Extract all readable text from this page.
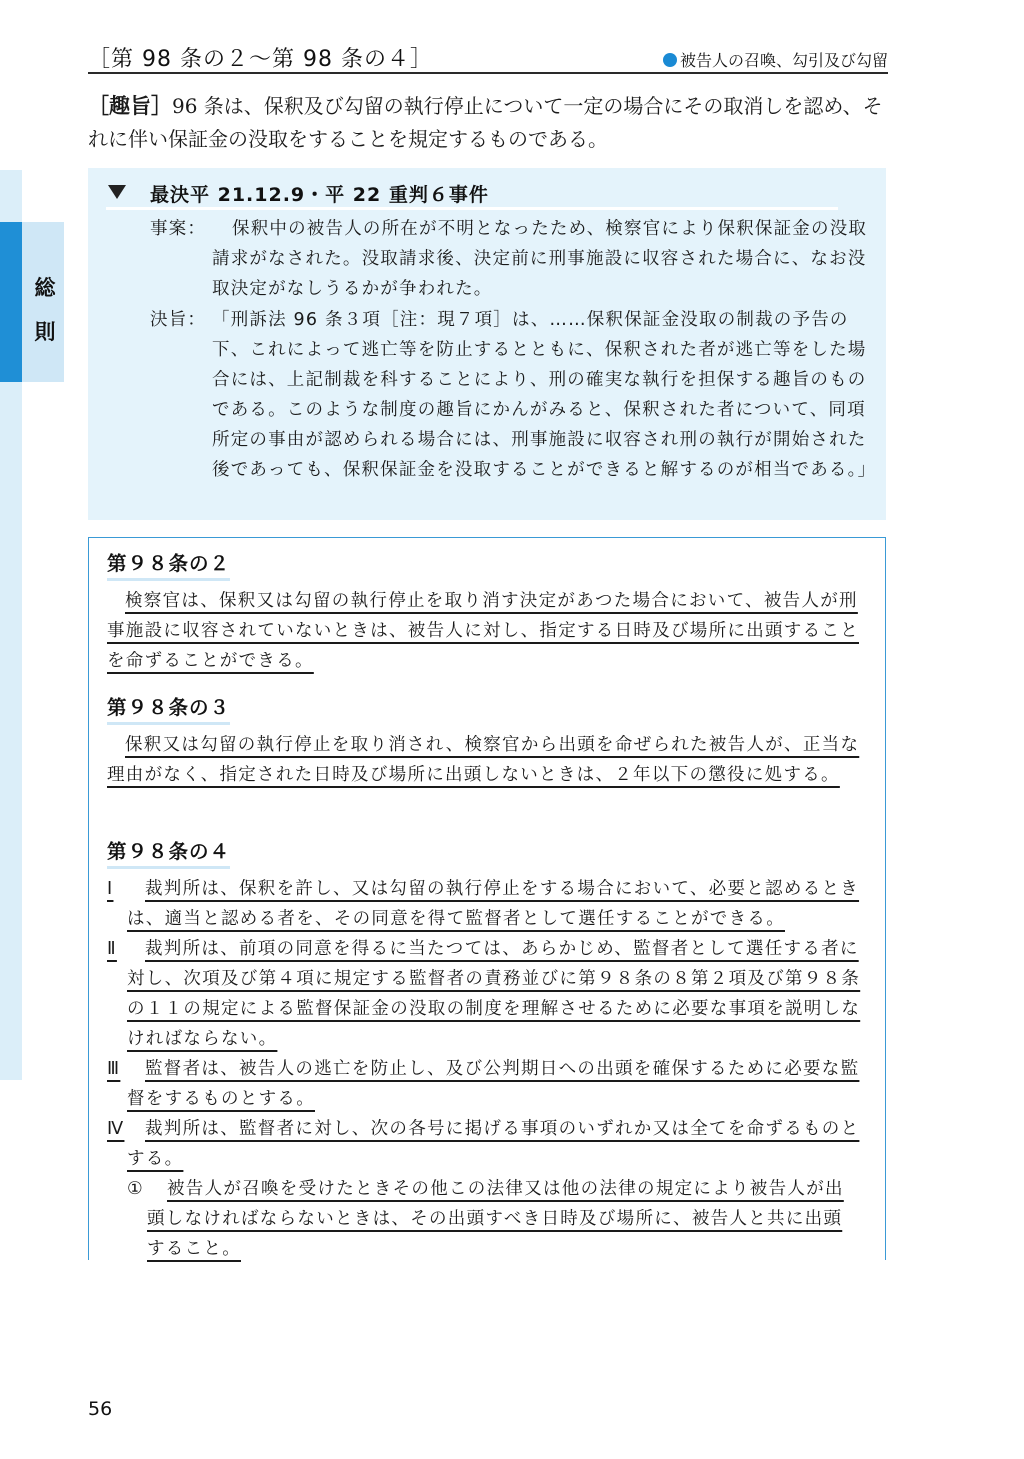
総
則
［第 98 条の２～第 98 条の４］	被告人の召喚、勾引及び勾留
［趣旨］96 条は、保釈及び勾留の執行停止について一定の場合にその取消しを認め、それに伴い保証金の没取をすることを規定するものである。
最決平 21.12.9・平 22 重判６事件
事案：	保釈中の被告人の所在が不明となったため、検察官により保釈保証金の没取請求がなされた。没取請求後、決定前に刑事施設に収容された場合に、なお没取決定がなしうるかが争われた。
決旨： 「刑訴法 96 条３項［注：現７項］は、……保釈保証金没取の制裁の予告の下、これによって逃亡等を防止するとともに、保釈された者が逃亡等をした場合には、上記制裁を科することにより、刑の確実な執行を担保する趣旨のものである。このような制度の趣旨にかんがみると、保釈された者について、同項所定の事由が認められる場合には、刑事施設に収容され刑の執行が開始された後であっても、保釈保証金を没取することができると解するのが相当である。」
第９８条の２
検察官は、保釈又は勾留の執行停止を取り消す決定があつた場合において、被告人が刑事施設に収容されていないときは、被告人に対し、指定する日時及び場所に出頭することを命ずることができる。
第９８条の３
保釈又は勾留の執行停止を取り消され、検察官から出頭を命ぜられた被告人が、正当な理由がなく、指定された日時及び場所に出頭しないときは、２年以下の懲役に処する。
第９８条の４
Ⅰ	裁判所は、保釈を許し、又は勾留の執行停止をする場合において、必要と認めるときは、適当と認める者を、その同意を得て監督者として選任することができる。
Ⅱ	裁判所は、前項の同意を得るに当たつては、あらかじめ、監督者として選任する者に対し、次項及び第４項に規定する監督者の責務並びに第９８条の８第２項及び第９８条の１１の規定による監督保証金の没取の制度を理解させるために必要な事項を説明しなければならない。
Ⅲ	監督者は、被告人の逃亡を防止し、及び公判期日への出頭を確保するために必要な監督をするものとする。
Ⅳ	裁判所は、監督者に対し、次の各号に掲げる事項のいずれか又は全てを命ずるものとする。
①	被告人が召喚を受けたときその他この法律又は他の法律の規定により被告人が出頭しなければならないときは、その出頭すべき日時及び場所に、被告人と共に出頭すること。
56
